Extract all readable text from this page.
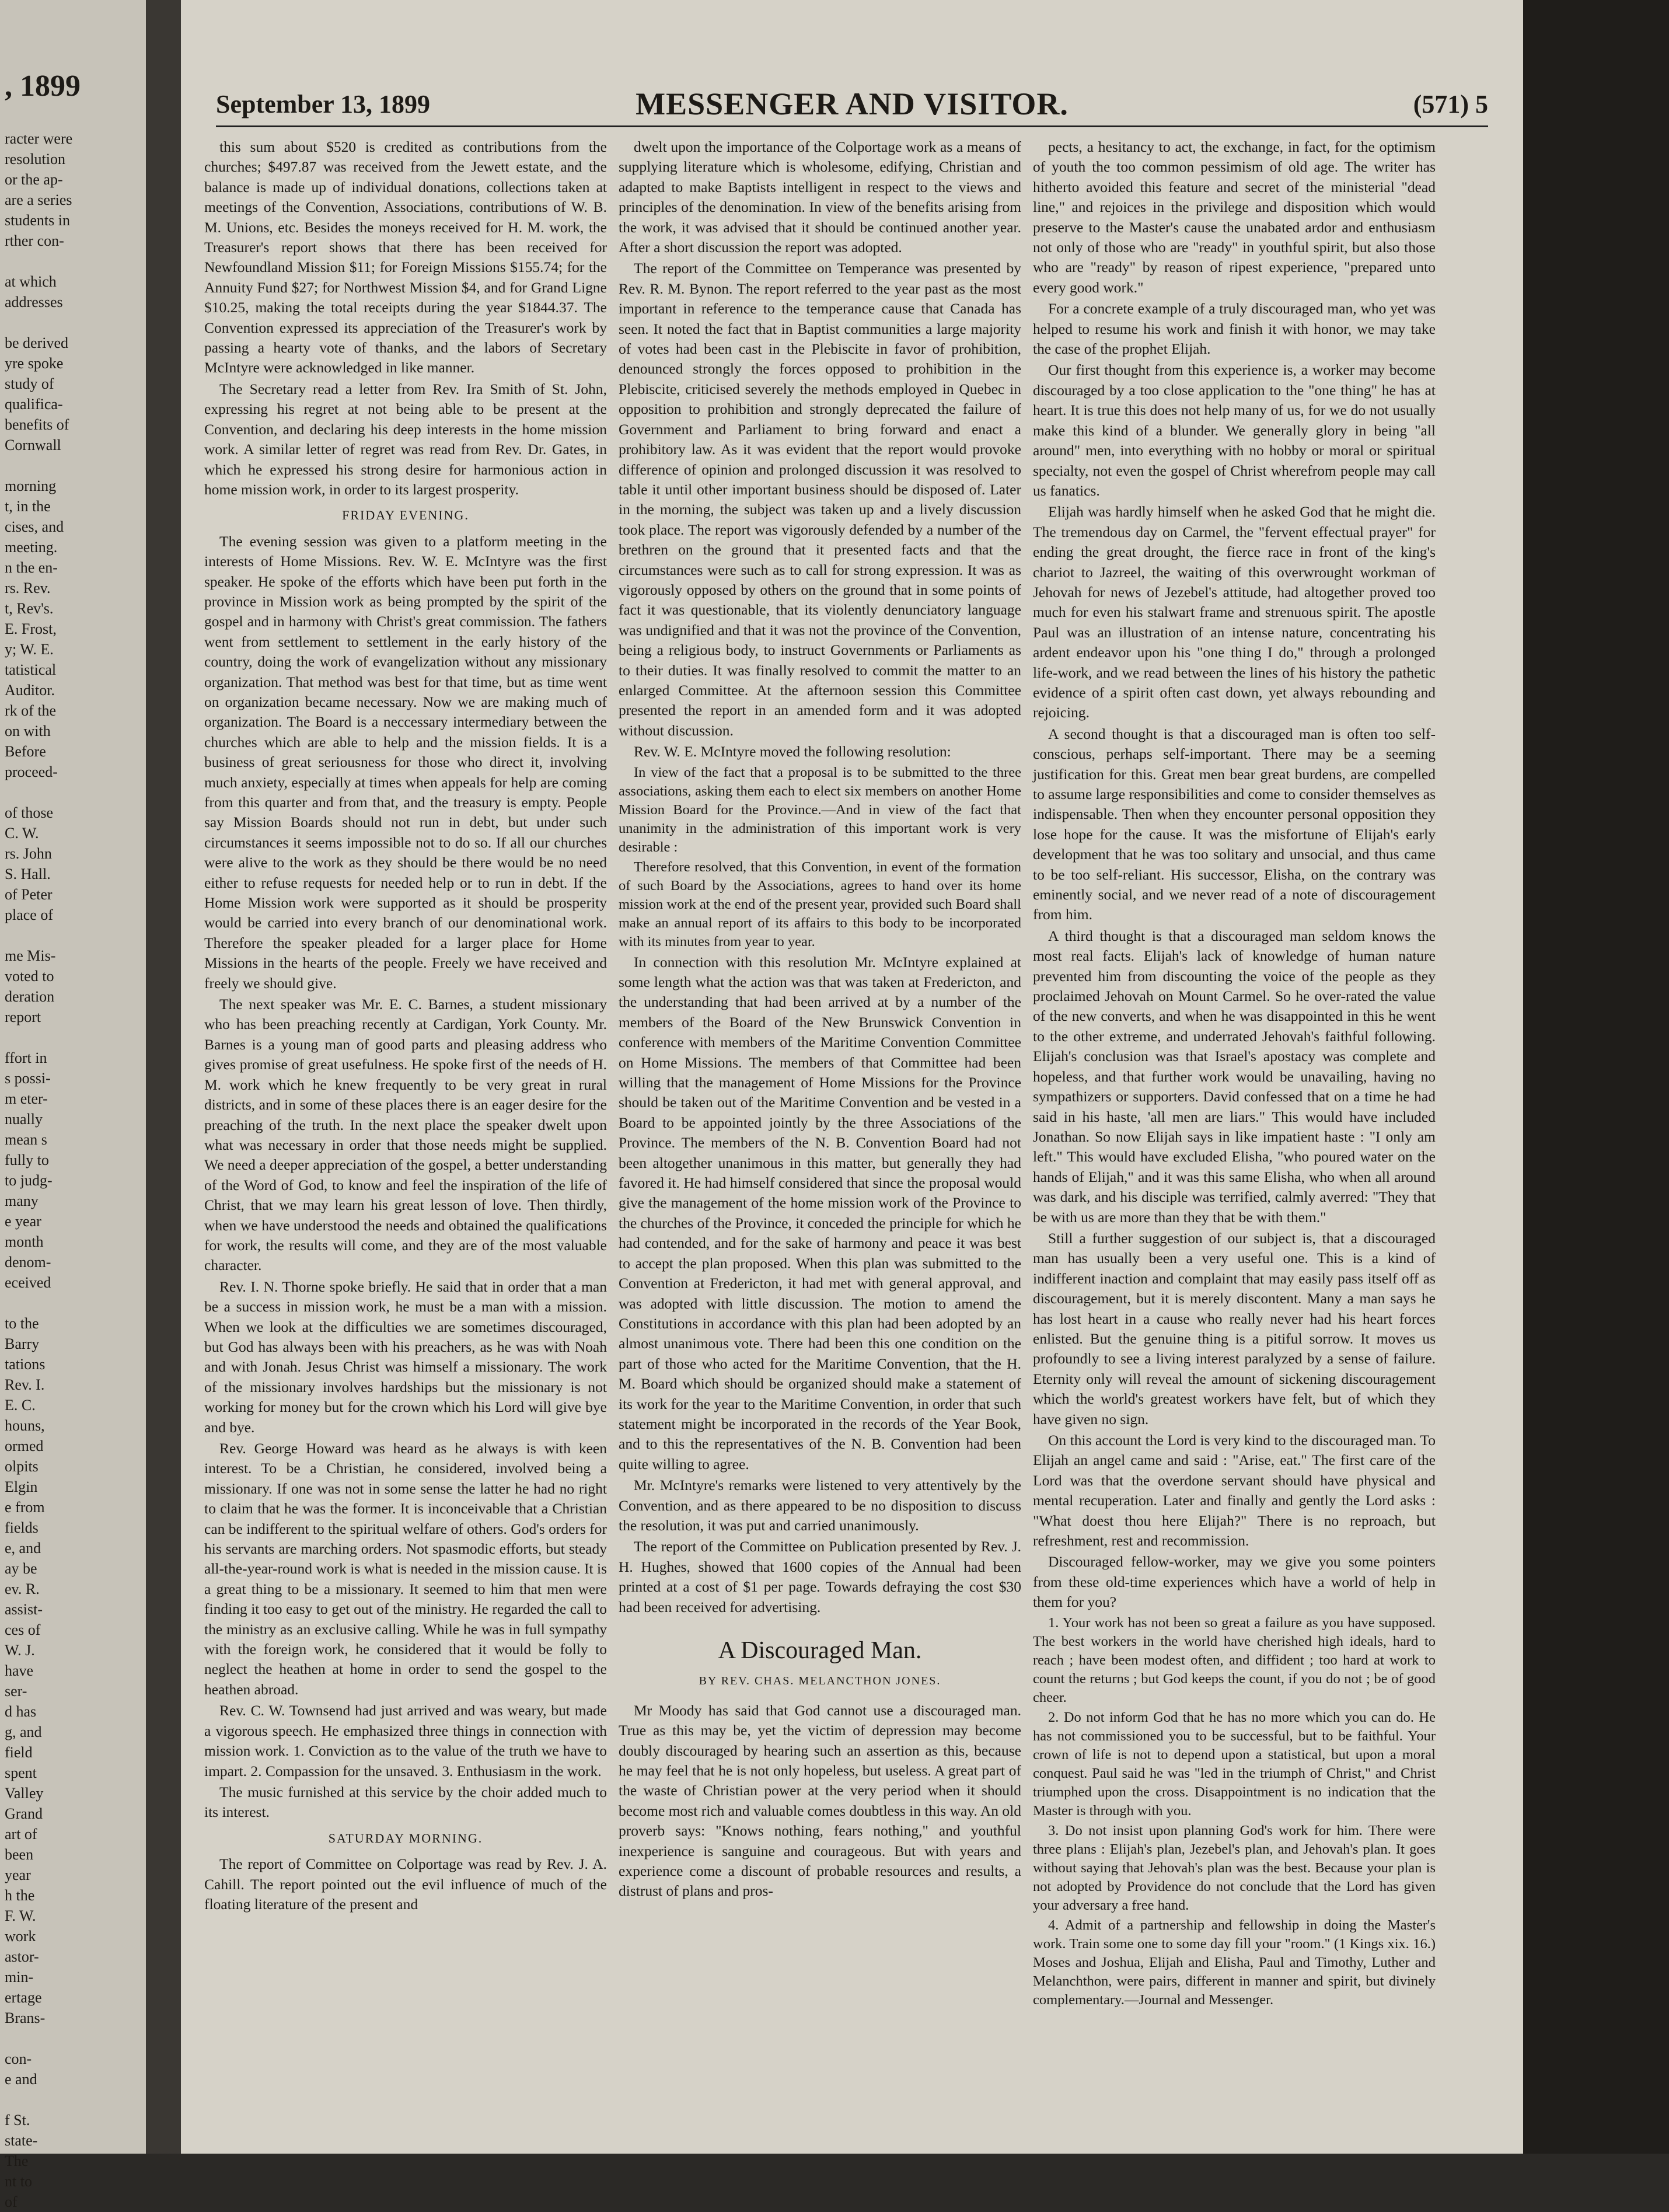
, 1899
racter were
resolution
or the ap-
are a series
students in
rther con-

at which
addresses

be derived
yre spoke
study of
qualifica-
benefits of
Cornwall

morning
t, in the
cises, and
meeting.
n the en-
rs. Rev.
t, Rev's.
E. Frost,
y; W. E.
tatistical
Auditor.
rk of the
on with
Before
proceed-

of those
C. W.
rs. John
S. Hall.
of Peter
place of

me Mis-
voted to
deration
report

ffort in
s possi-
m eter-
nually
mean s
fully to
to judg-
many
e year
month
denom-
eceived

to the
Barry
tations
Rev. I.
E. C.
houns,
ormed
olpits
Elgin
e from
fields
e, and
ay be
ev. R.
assist-
ces of
W. J.
have
ser-
d has
g, and
field
spent
Valley
Grand
art of
been
year
h the
F. W.
work
astor-
min-
ertage
Brans-

con-
e and

f St.
state-
The
nt to
of
September 13, 1899	MESSENGER AND VISITOR.	(571) 5

this sum about $520 is credited as contributions from the churches; $497.87 was received from the Jewett estate, and the balance is made up of individual donations, collections taken at meetings of the Convention, Associations, contributions of W. B. M. Unions, etc. Besides the moneys received for H. M. work, the Treasurer's report shows that there has been received for Newfoundland Mission $11; for Foreign Missions $155.74; for the Annuity Fund $27; for Northwest Mission $4, and for Grand Ligne $10.25, making the total receipts during the year $1844.37. The Convention expressed its appreciation of the Treasurer's work by passing a hearty vote of thanks, and the labors of Secretary McIntyre were acknowledged in like manner.

The Secretary read a letter from Rev. Ira Smith of St. John, expressing his regret at not being able to be present at the Convention, and declaring his deep interests in the home mission work. A similar letter of regret was read from Rev. Dr. Gates, in which he expressed his strong desire for harmonious action in home mission work, in order to its largest prosperity.

FRIDAY EVENING.

The evening session was given to a platform meeting in the interests of Home Missions. Rev. W. E. McIntyre was the first speaker. He spoke of the efforts which have been put forth in the province in Mission work as being prompted by the spirit of the gospel and in harmony with Christ's great commission. The fathers went from settlement to settlement in the early history of the country, doing the work of evangelization without any missionary organization. That method was best for that time, but as time went on organization became necessary. Now we are making much of organization. The Board is a neccessary intermediary between the churches which are able to help and the mission fields. It is a business of great seriousness for those who direct it, involving much anxiety, especially at times when appeals for help are coming from this quarter and from that, and the treasury is empty. People say Mission Boards should not run in debt, but under such circumstances it seems impossible not to do so. If all our churches were alive to the work as they should be there would be no need either to refuse requests for needed help or to run in debt. If the Home Mission work were supported as it should be prosperity would be carried into every branch of our denominational work. Therefore the speaker pleaded for a larger place for Home Missions in the hearts of the people. Freely we have received and freely we should give.

The next speaker was Mr. E. C. Barnes, a student missionary who has been preaching recently at Cardigan, York County. Mr. Barnes is a young man of good parts and pleasing address who gives promise of great usefulness. He spoke first of the needs of H. M. work which he knew frequently to be very great in rural districts, and in some of these places there is an eager desire for the preaching of the truth. In the next place the speaker dwelt upon what was necessary in order that those needs might be supplied. We need a deeper appreciation of the gospel, a better understanding of the Word of God, to know and feel the inspiration of the life of Christ, that we may learn his great lesson of love. Then thirdly, when we have understood the needs and obtained the qualifications for work, the results will come, and they are of the most valuable character.

Rev. I. N. Thorne spoke briefly. He said that in order that a man be a success in mission work, he must be a man with a mission. When we look at the difficulties we are sometimes discouraged, but God has always been with his preachers, as he was with Noah and with Jonah. Jesus Christ was himself a missionary. The work of the missionary involves hardships but the missionary is not working for money but for the crown which his Lord will give bye and bye.

Rev. George Howard was heard as he always is with keen interest. To be a Christian, he considered, involved being a missionary. If one was not in some sense the latter he had no right to claim that he was the former. It is inconceivable that a Christian can be indifferent to the spiritual welfare of others. God's orders for his servants are marching orders. Not spasmodic efforts, but steady all-the-year-round work is what is needed in the mission cause. It is a great thing to be a missionary. It seemed to him that men were finding it too easy to get out of the ministry. He regarded the call to the ministry as an exclusive calling. While he was in full sympathy with the foreign work, he considered that it would be folly to neglect the heathen at home in order to send the gospel to the heathen abroad.

Rev. C. W. Townsend had just arrived and was weary, but made a vigorous speech. He emphasized three things in connection with mission work. 1. Conviction as to the value of the truth we have to impart. 2. Compassion for the unsaved. 3. Enthusiasm in the work.

The music furnished at this service by the choir added much to its interest.

SATURDAY MORNING.

The report of Committee on Colportage was read by Rev. J. A. Cahill. The report pointed out the evil influence of much of the floating literature of the present and

dwelt upon the importance of the Colportage work as a means of supplying literature which is wholesome, edifying, Christian and adapted to make Baptists intelligent in respect to the views and principles of the denomination. In view of the benefits arising from the work, it was advised that it should be continued another year. After a short discussion the report was adopted.

The report of the Committee on Temperance was presented by Rev. R. M. Bynon. The report referred to the year past as the most important in reference to the temperance cause that Canada has seen. It noted the fact that in Baptist communities a large majority of votes had been cast in the Plebiscite in favor of prohibition, denounced strongly the forces opposed to prohibition in the Plebiscite, criticised severely the methods employed in Quebec in opposition to prohibition and strongly deprecated the failure of Government and Parliament to bring forward and enact a prohibitory law. As it was evident that the report would provoke difference of opinion and prolonged discussion it was resolved to table it until other important business should be disposed of. Later in the morning, the subject was taken up and a lively discussion took place. The report was vigorously defended by a number of the brethren on the ground that it presented facts and that the circumstances were such as to call for strong expression. It was as vigorously opposed by others on the ground that in some points of fact it was questionable, that its violently denunciatory language was undignified and that it was not the province of the Convention, being a religious body, to instruct Governments or Parliaments as to their duties. It was finally resolved to commit the matter to an enlarged Committee. At the afternoon session this Committee presented the report in an amended form and it was adopted without discussion.

Rev. W. E. McIntyre moved the following resolution:

In view of the fact that a proposal is to be submitted to the three associations, asking them each to elect six members on another Home Mission Board for the Province.—And in view of the fact that unanimity in the administration of this important work is very desirable :

Therefore resolved, that this Convention, in event of the formation of such Board by the Associations, agrees to hand over its home mission work at the end of the present year, provided such Board shall make an annual report of its affairs to this body to be incorporated with its minutes from year to year.

In connection with this resolution Mr. McIntyre explained at some length what the action was that was taken at Fredericton, and the understanding that had been arrived at by a number of the members of the Board of the New Brunswick Convention in conference with members of the Maritime Convention Committee on Home Missions. The members of that Committee had been willing that the management of Home Missions for the Province should be taken out of the Maritime Convention and be vested in a Board to be appointed jointly by the three Associations of the Province. The members of the N. B. Convention Board had not been altogether unanimous in this matter, but generally they had favored it. He had himself considered that since the proposal would give the management of the home mission work of the Province to the churches of the Province, it conceded the principle for which he had contended, and for the sake of harmony and peace it was best to accept the plan proposed. When this plan was submitted to the Convention at Fredericton, it had met with general approval, and was adopted with little discussion. The motion to amend the Constitutions in accordance with this plan had been adopted by an almost unanimous vote. There had been this one condition on the part of those who acted for the Maritime Convention, that the H. M. Board which should be organized should make a statement of its work for the year to the Maritime Convention, in order that such statement might be incorporated in the records of the Year Book, and to this the representatives of the N. B. Convention had been quite willing to agree.

Mr. McIntyre's remarks were listened to very attentively by the Convention, and as there appeared to be no disposition to discuss the resolution, it was put and carried unanimously.

The report of the Committee on Publication presented by Rev. J. H. Hughes, showed that 1600 copies of the Annual had been printed at a cost of $1 per page. Towards defraying the cost $30 had been received for advertising.

A Discouraged Man.
BY REV. CHAS. MELANCTHON JONES.

Mr Moody has said that God cannot use a discouraged man. True as this may be, yet the victim of depression may become doubly discouraged by hearing such an assertion as this, because he may feel that he is not only hopeless, but useless. A great part of the waste of Christian power at the very period when it should become most rich and valuable comes doubtless in this way. An old proverb says: "Knows nothing, fears nothing," and youthful inexperience is sanguine and courageous. But with years and experience come a discount of probable resources and results, a distrust of plans and pros-

pects, a hesitancy to act, the exchange, in fact, for the optimism of youth the too common pessimism of old age. The writer has hitherto avoided this feature and secret of the ministerial "dead line," and rejoices in the privilege and disposition which would preserve to the Master's cause the unabated ardor and enthusiasm not only of those who are "ready" in youthful spirit, but also those who are "ready" by reason of ripest experience, "prepared unto every good work."

For a concrete example of a truly discouraged man, who yet was helped to resume his work and finish it with honor, we may take the case of the prophet Elijah.

Our first thought from this experience is, a worker may become discouraged by a too close application to the "one thing" he has at heart. It is true this does not help many of us, for we do not usually make this kind of a blunder. We generally glory in being "all around" men, into everything with no hobby or moral or spiritual specialty, not even the gospel of Christ wherefrom people may call us fanatics.

Elijah was hardly himself when he asked God that he might die. The tremendous day on Carmel, the "fervent effectual prayer" for ending the great drought, the fierce race in front of the king's chariot to Jazreel, the waiting of this overwrought workman of Jehovah for news of Jezebel's attitude, had altogether proved too much for even his stalwart frame and strenuous spirit. The apostle Paul was an illustration of an intense nature, concentrating his ardent endeavor upon his "one thing I do," through a prolonged life-work, and we read between the lines of his history the pathetic evidence of a spirit often cast down, yet always rebounding and rejoicing.

A second thought is that a discouraged man is often too self-conscious, perhaps self-important. There may be a seeming justification for this. Great men bear great burdens, are compelled to assume large responsibilities and come to consider themselves as indispensable. Then when they encounter personal opposition they lose hope for the cause. It was the misfortune of Elijah's early development that he was too solitary and unsocial, and thus came to be too self-reliant. His successor, Elisha, on the contrary was eminently social, and we never read of a note of discouragement from him.

A third thought is that a discouraged man seldom knows the most real facts. Elijah's lack of knowledge of human nature prevented him from discounting the voice of the people as they proclaimed Jehovah on Mount Carmel. So he over-rated the value of the new converts, and when he was disappointed in this he went to the other extreme, and underrated Jehovah's faithful following. Elijah's conclusion was that Israel's apostacy was complete and hopeless, and that further work would be unavailing, having no sympathizers or supporters. David confessed that on a time he had said in his haste, 'all men are liars." This would have included Jonathan. So now Elijah says in like impatient haste : "I only am left." This would have excluded Elisha, "who poured water on the hands of Elijah," and it was this same Elisha, who when all around was dark, and his disciple was terrified, calmly averred: "They that be with us are more than they that be with them."

Still a further suggestion of our subject is, that a discouraged man has usually been a very useful one. This is a kind of indifferent inaction and complaint that may easily pass itself off as discouragement, but it is merely discontent. Many a man says he has lost heart in a cause who really never had his heart forces enlisted. But the genuine thing is a pitiful sorrow. It moves us profoundly to see a living interest paralyzed by a sense of failure. Eternity only will reveal the amount of sickening discouragement which the world's greatest workers have felt, but of which they have given no sign.

On this account the Lord is very kind to the discouraged man. To Elijah an angel came and said : "Arise, eat." The first care of the Lord was that the overdone servant should have physical and mental recuperation. Later and finally and gently the Lord asks : "What doest thou here Elijah?" There is no reproach, but refreshment, rest and recommission.

Discouraged fellow-worker, may we give you some pointers from these old-time experiences which have a world of help in them for you?

1. Your work has not been so great a failure as you have supposed. The best workers in the world have cherished high ideals, hard to reach ; have been modest often, and diffident ; too hard at work to count the returns ; but God keeps the count, if you do not ; be of good cheer.

2. Do not inform God that he has no more which you can do. He has not commissioned you to be successful, but to be faithful. Your crown of life is not to depend upon a statistical, but upon a moral conquest. Paul said he was "led in the triumph of Christ," and Christ triumphed upon the cross. Disappointment is no indication that the Master is through with you.

3. Do not insist upon planning God's work for him. There were three plans : Elijah's plan, Jezebel's plan, and Jehovah's plan. It goes without saying that Jehovah's plan was the best. Because your plan is not adopted by Providence do not conclude that the Lord has given your adversary a free hand.

4. Admit of a partnership and fellowship in doing the Master's work. Train some one to some day fill your "room." (1 Kings xix. 16.) Moses and Joshua, Elijah and Elisha, Paul and Timothy, Luther and Melanchthon, were pairs, different in manner and spirit, but divinely complementary.—Journal and Messenger.
